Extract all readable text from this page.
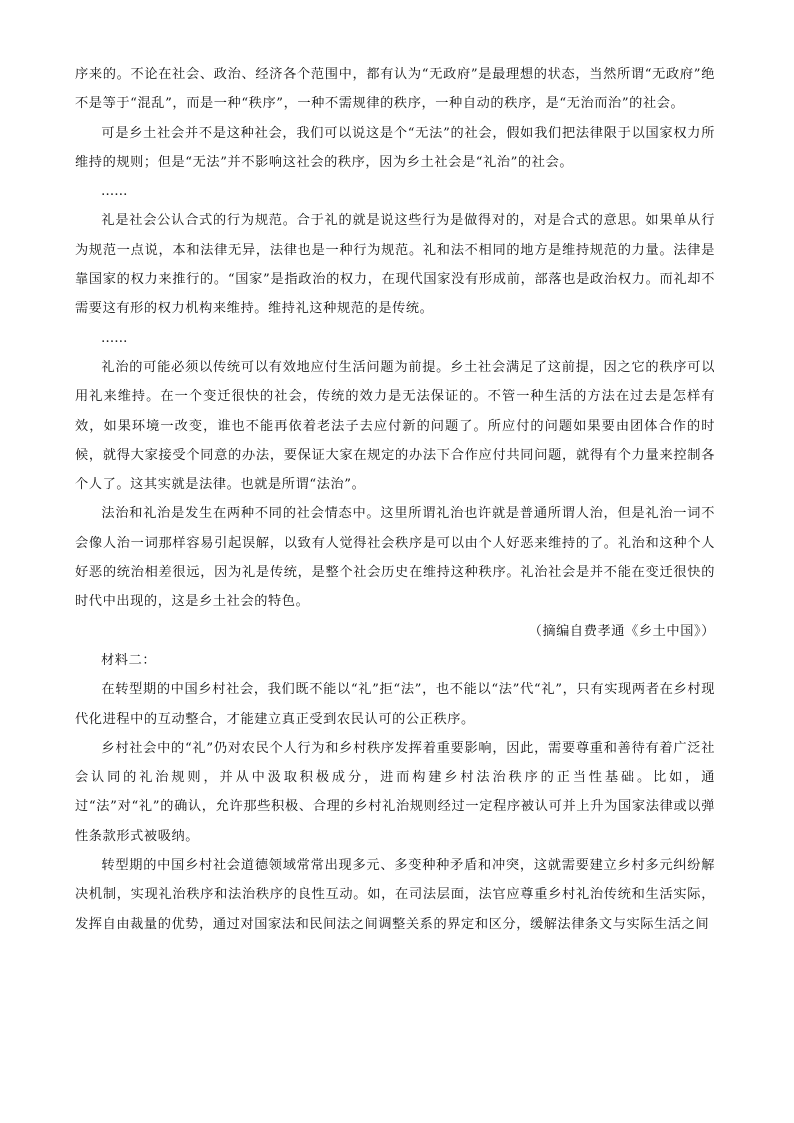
序来的。不论在社会、政治、经济各个范围中，都有认为“无政府”是最理想的状态，当然所谓“无政府”绝不是等于“混乱”，而是一种“秩序”，一种不需规律的秩序，一种自动的秩序，是“无治而治”的社会。

可是乡土社会并不是这种社会，我们可以说这是个“无法”的社会，假如我们把法律限于以国家权力所维持的规则；但是“无法”并不影响这社会的秩序，因为乡土社会是“礼治”的社会。

……

礼是社会公认合式的行为规范。合于礼的就是说这些行为是做得对的，对是合式的意思。如果单从行为规范一点说，本和法律无异，法律也是一种行为规范。礼和法不相同的地方是维持规范的力量。法律是靠国家的权力来推行的。“国家”是指政治的权力，在现代国家没有形成前，部落也是政治权力。而礼却不需要这有形的权力机构来维持。维持礼这种规范的是传统。

……

礼治的可能必须以传统可以有效地应付生活问题为前提。乡土社会满足了这前提，因之它的秩序可以用礼来维持。在一个变迁很快的社会，传统的效力是无法保证的。不管一种生活的方法在过去是怎样有效，如果环境一改变，谁也不能再依着老法子去应付新的问题了。所应付的问题如果要由团体合作的时候，就得大家接受个同意的办法，要保证大家在规定的办法下合作应付共同问题，就得有个力量来控制各个人了。这其实就是法律。也就是所谓“法治”。

法治和礼治是发生在两种不同的社会情态中。这里所谓礼治也许就是普通所谓人治，但是礼治一词不会像人治一词那样容易引起误解，以致有人觉得社会秩序是可以由个人好恶来维持的了。礼治和这种个人好恶的统治相差很远，因为礼是传统，是整个社会历史在维持这种秩序。礼治社会是并不能在变迁很快的时代中出现的，这是乡土社会的特色。

（摘编自费孝通《乡土中国》）

材料二：

在转型期的中国乡村社会，我们既不能以“礼”拒“法”，也不能以“法”代“礼”，只有实现两者在乡村现代化进程中的互动整合，才能建立真正受到农民认可的公正秩序。

乡村社会中的“礼”仍对农民个人行为和乡村秩序发挥着重要影响，因此，需要尊重和善待有着广泛社会认同的礼治规则，并从中汲取积极成分，进而构建乡村法治秩序的正当性基础。比如，通过“法”对“礼”的确认，允许那些积极、合理的乡村礼治规则经过一定程序被认可并上升为国家法律或以弹性条款形式被吸纳。

转型期的中国乡村社会道德领域常常出现多元、多变种种矛盾和冲突，这就需要建立乡村多元纠纷解决机制，实现礼治秩序和法治秩序的良性互动。如，在司法层面，法官应尊重乡村礼治传统和生活实际，发挥自由裁量的优势，通过对国家法和民间法之间调整关系的界定和区分，缓解法律条文与实际生活之间
